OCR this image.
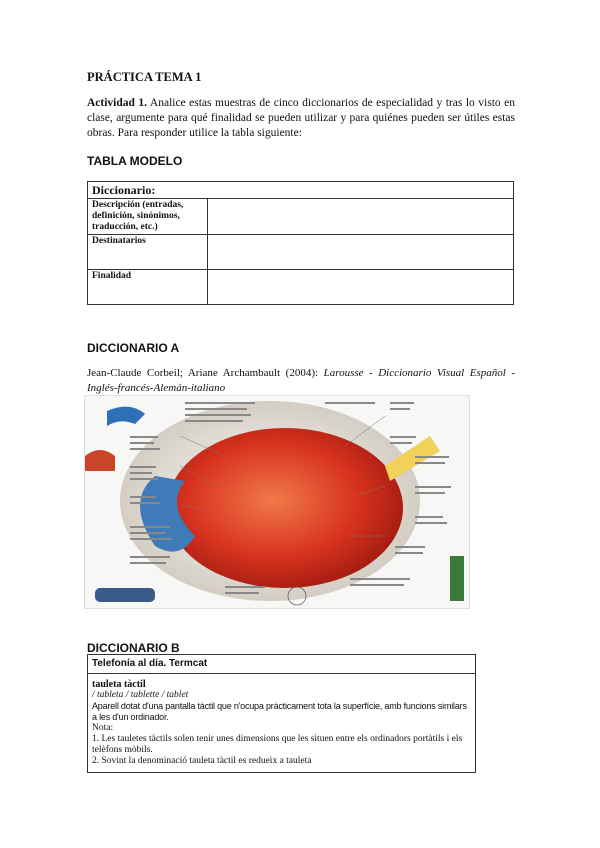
PRÁCTICA TEMA 1
Actividad 1. Analice estas muestras de cinco diccionarios de especialidad y tras lo visto en clase, argumente para qué finalidad se pueden utilizar y para quiénes pueden ser útiles estas obras. Para responder utilice la tabla siguiente:
TABLA MODELO
Diccionario:	
Descripción (entradas, definición, sinónimos, traducción, etc.)	
Destinatarios	
Finalidad	
DICCIONARIO A
Jean-Claude Corbeil; Ariane Archambault (2004): Larousse - Diccionario Visual Español - Inglés-francés-Alemán-italiano
DICCIONARIO B
Telefonía al día. Termcat
tauleta tàctil
/ tableta / tablette / tablet
Aparell dotat d'una pantalla tàctil que n'ocupa pràcticament tota la superfície, amb funcions similars a les d'un ordinador.
Nota:
1. Les tauletes tàctils solen tenir unes dimensions que les situen entre els ordinadors portàtils i els telèfons mòbils.
2. Sovint la denominació tauleta tàctil es redueix a tauleta
